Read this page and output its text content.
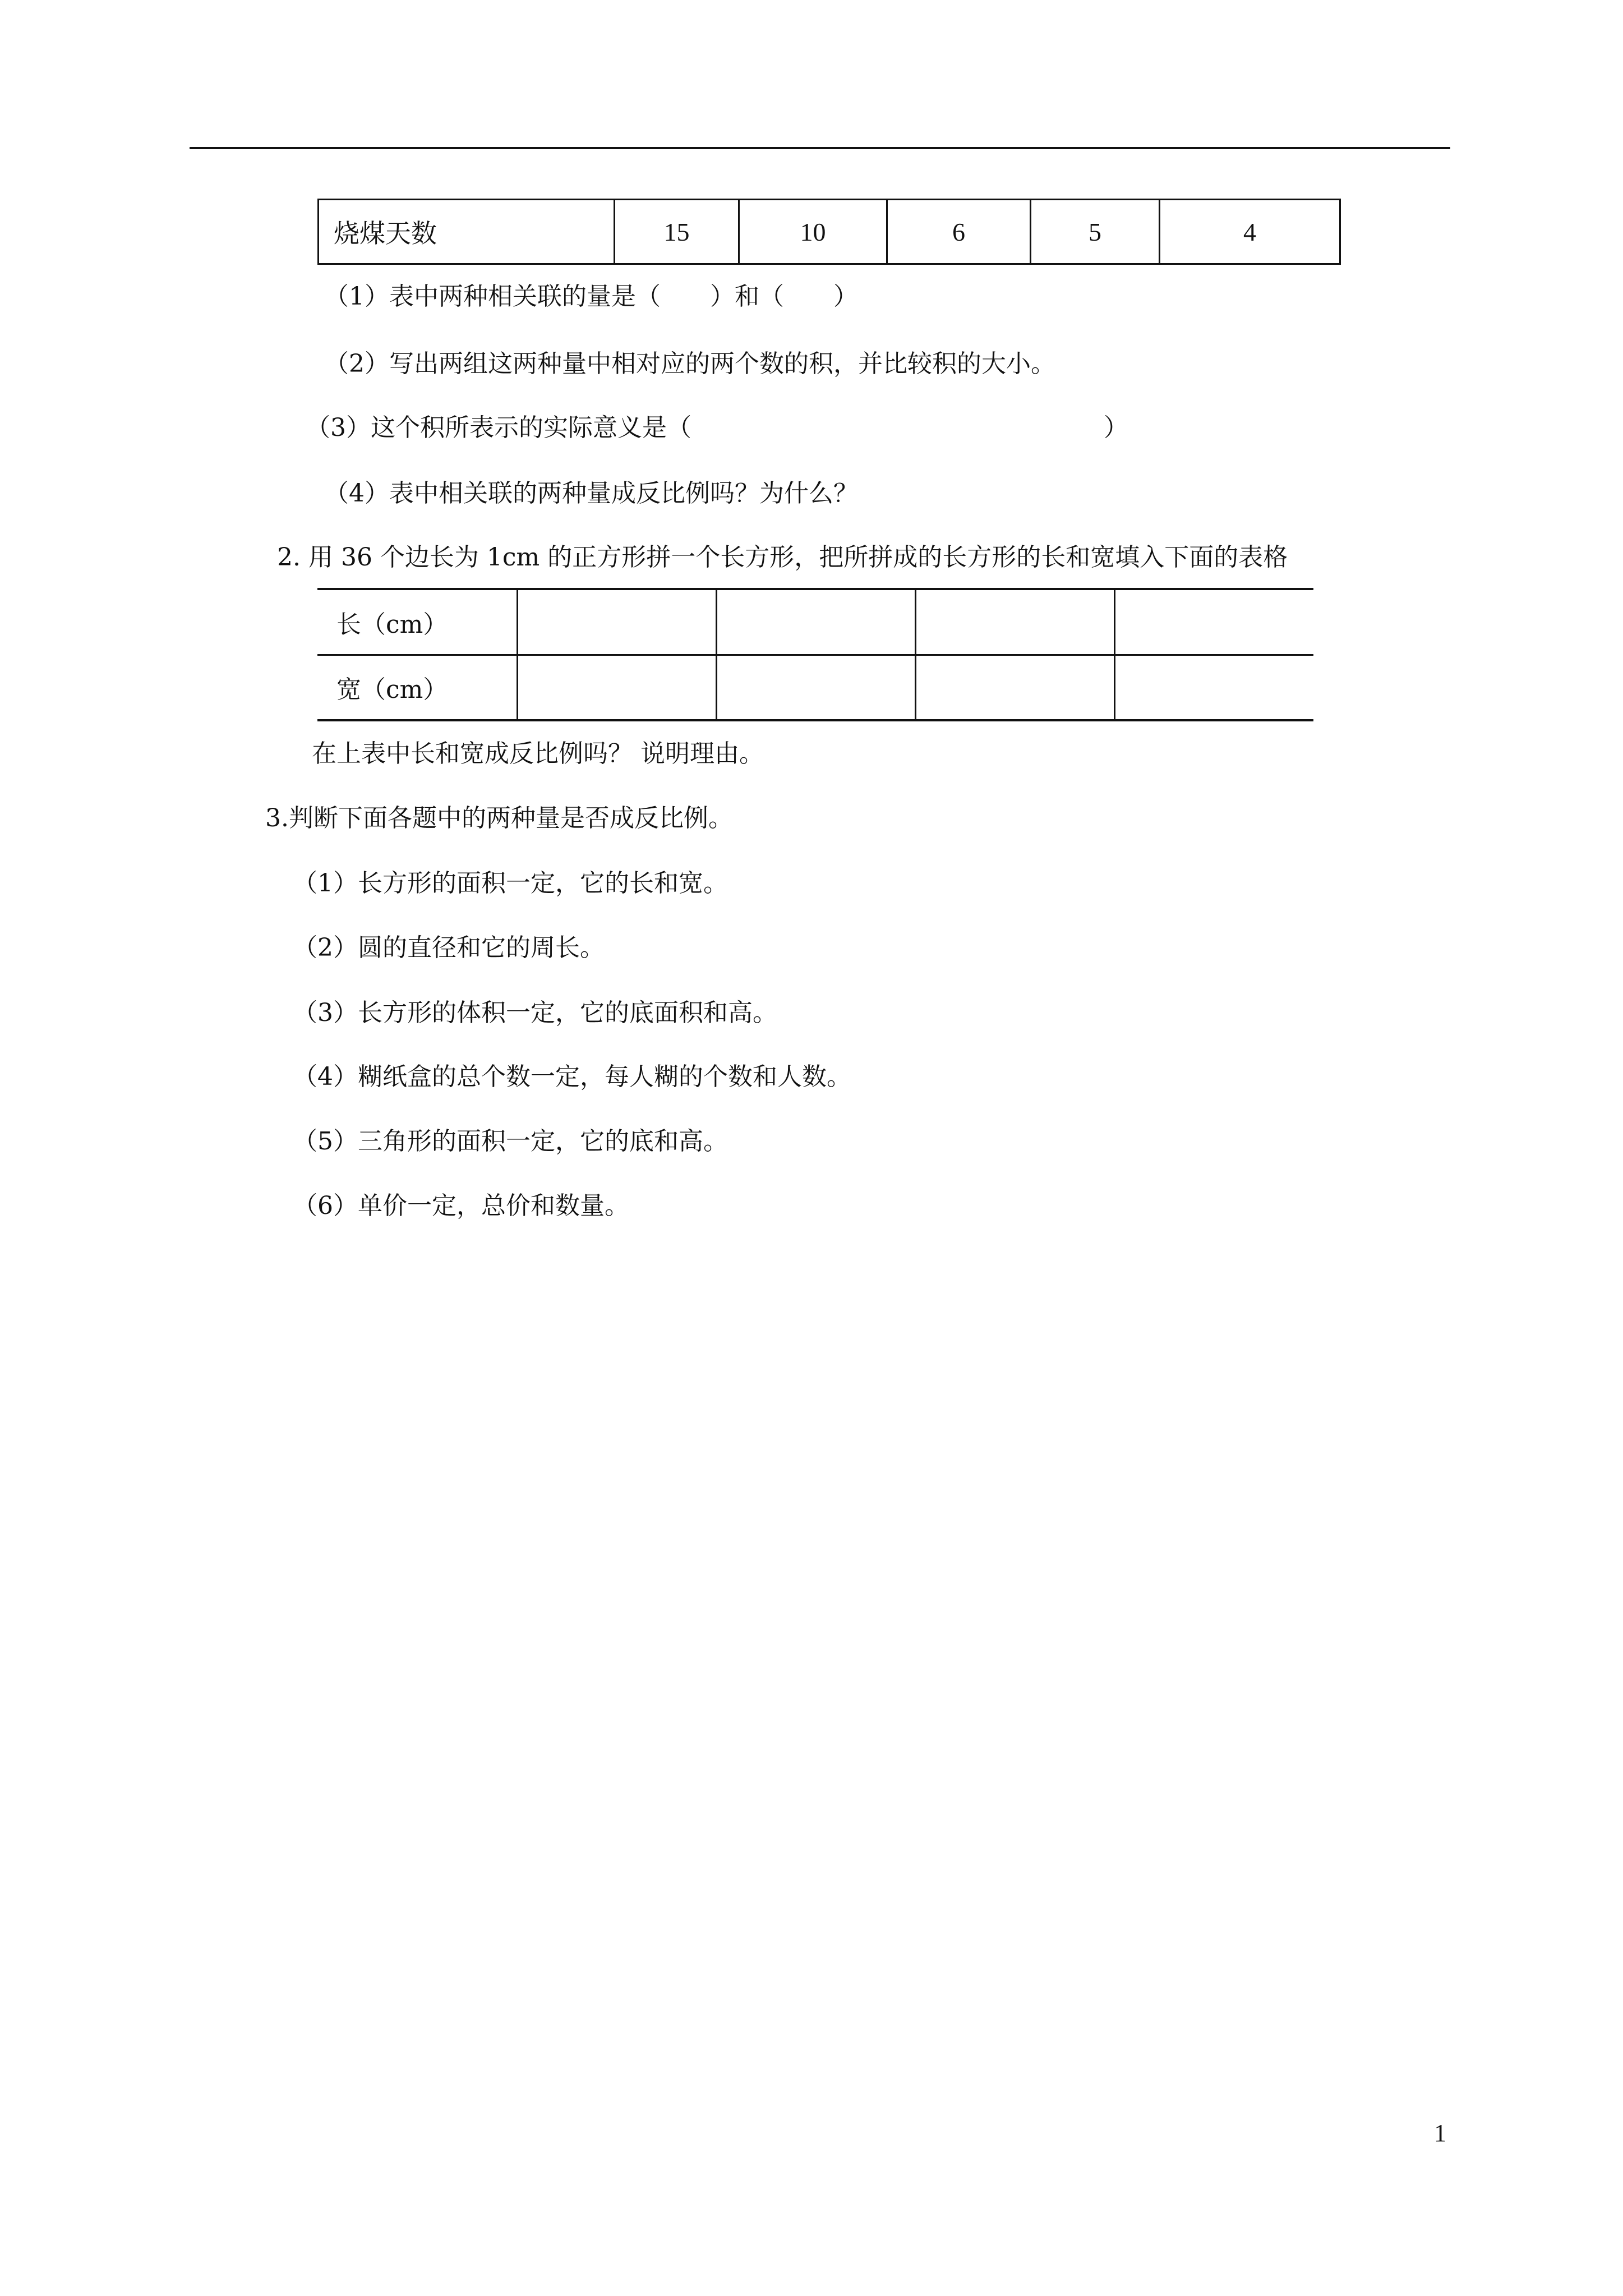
烧煤天数	15	10	6	5	4
（1）表中两种相关联的量是（　　）和（　　）
（2）写出两组这两种量中相对应的两个数的积，并比较积的大小。
（3）这个积所表示的实际意义是（	）
（4）表中相关联的两种量成反比例吗？为什么？
2. 用 36 个边长为 1cm 的正方形拼一个长方形，把所拼成的长方形的长和宽填入下面的表格
长（cm）				
宽（cm）				
在上表中长和宽成反比例吗？ 说明理由。
3.判断下面各题中的两种量是否成反比例。
（1）长方形的面积一定，它的长和宽。
（2）圆的直径和它的周长。
（3）长方形的体积一定，它的底面积和高。
（4）糊纸盒的总个数一定，每人糊的个数和人数。
（5）三角形的面积一定，它的底和高。
（6）单价一定，总价和数量。
1
